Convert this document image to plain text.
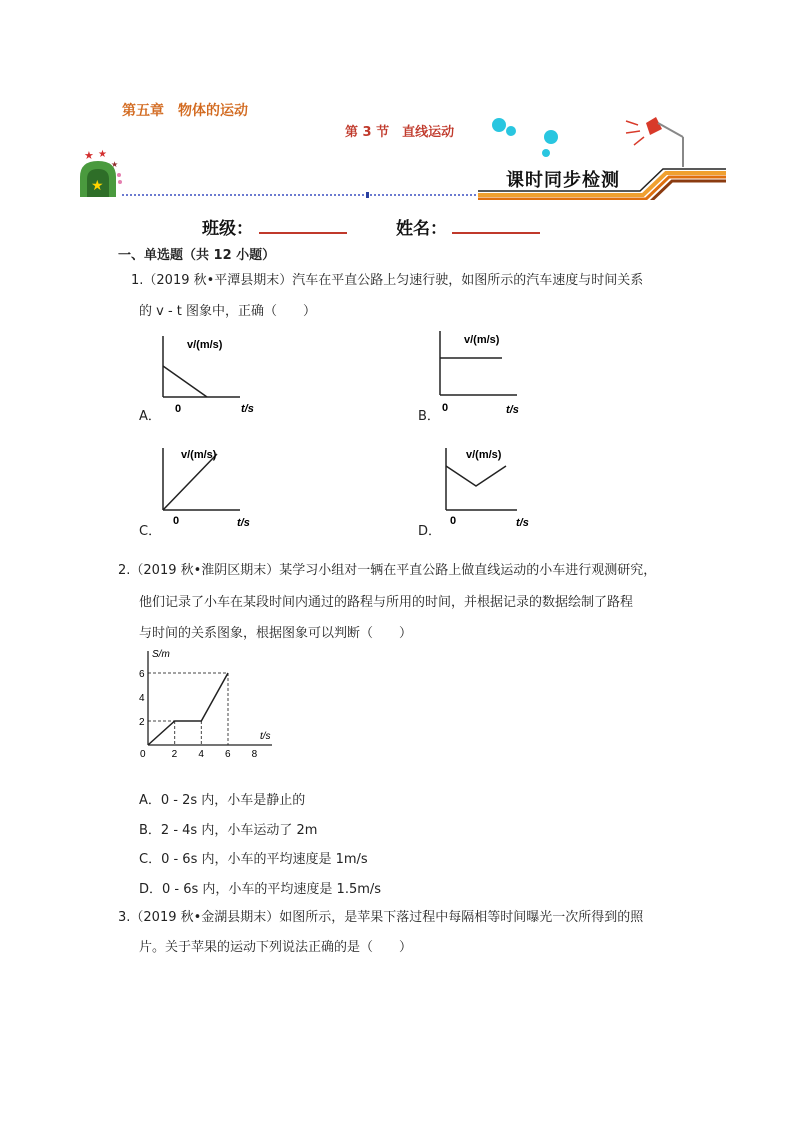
第五章　物体的运动
第 3 节　直线运动
★ ★
★
★	课时同步检测
班级：	姓名：
一、单选题（共 12 小题）
1.（2019 秋•平潭县期末）汽车在平直公路上匀速行驶，如图所示的汽车速度与时间关系
的 v - t 图象中，正确（　　）
A．
v/(m/s)
0	t/s	B．
v/(m/s)
0	t/s
C．
v/(m/s)
0	t/s
D．
v/(m/s)
0	t/s
2.（2019 秋•淮阴区期末）某学习小组对一辆在平直公路上做直线运动的小车进行观测研究，
他们记录了小车在某段时间内通过的路程与所用的时间，并根据记录的数据绘制了路程
与时间的关系图象，根据图象可以判断（　　）
0	2 4 6 8
2
4
6
S/m
t/s
A．0 - 2s 内，小车是静止的
B．2 - 4s 内，小车运动了 2m
C．0 - 6s 内，小车的平均速度是 1m/s
D．0 - 6s 内，小车的平均速度是 1.5m/s
3.（2019 秋•金湖县期末）如图所示，是苹果下落过程中每隔相等时间曝光一次所得到的照
片。关于苹果的运动下列说法正确的是（　　）
